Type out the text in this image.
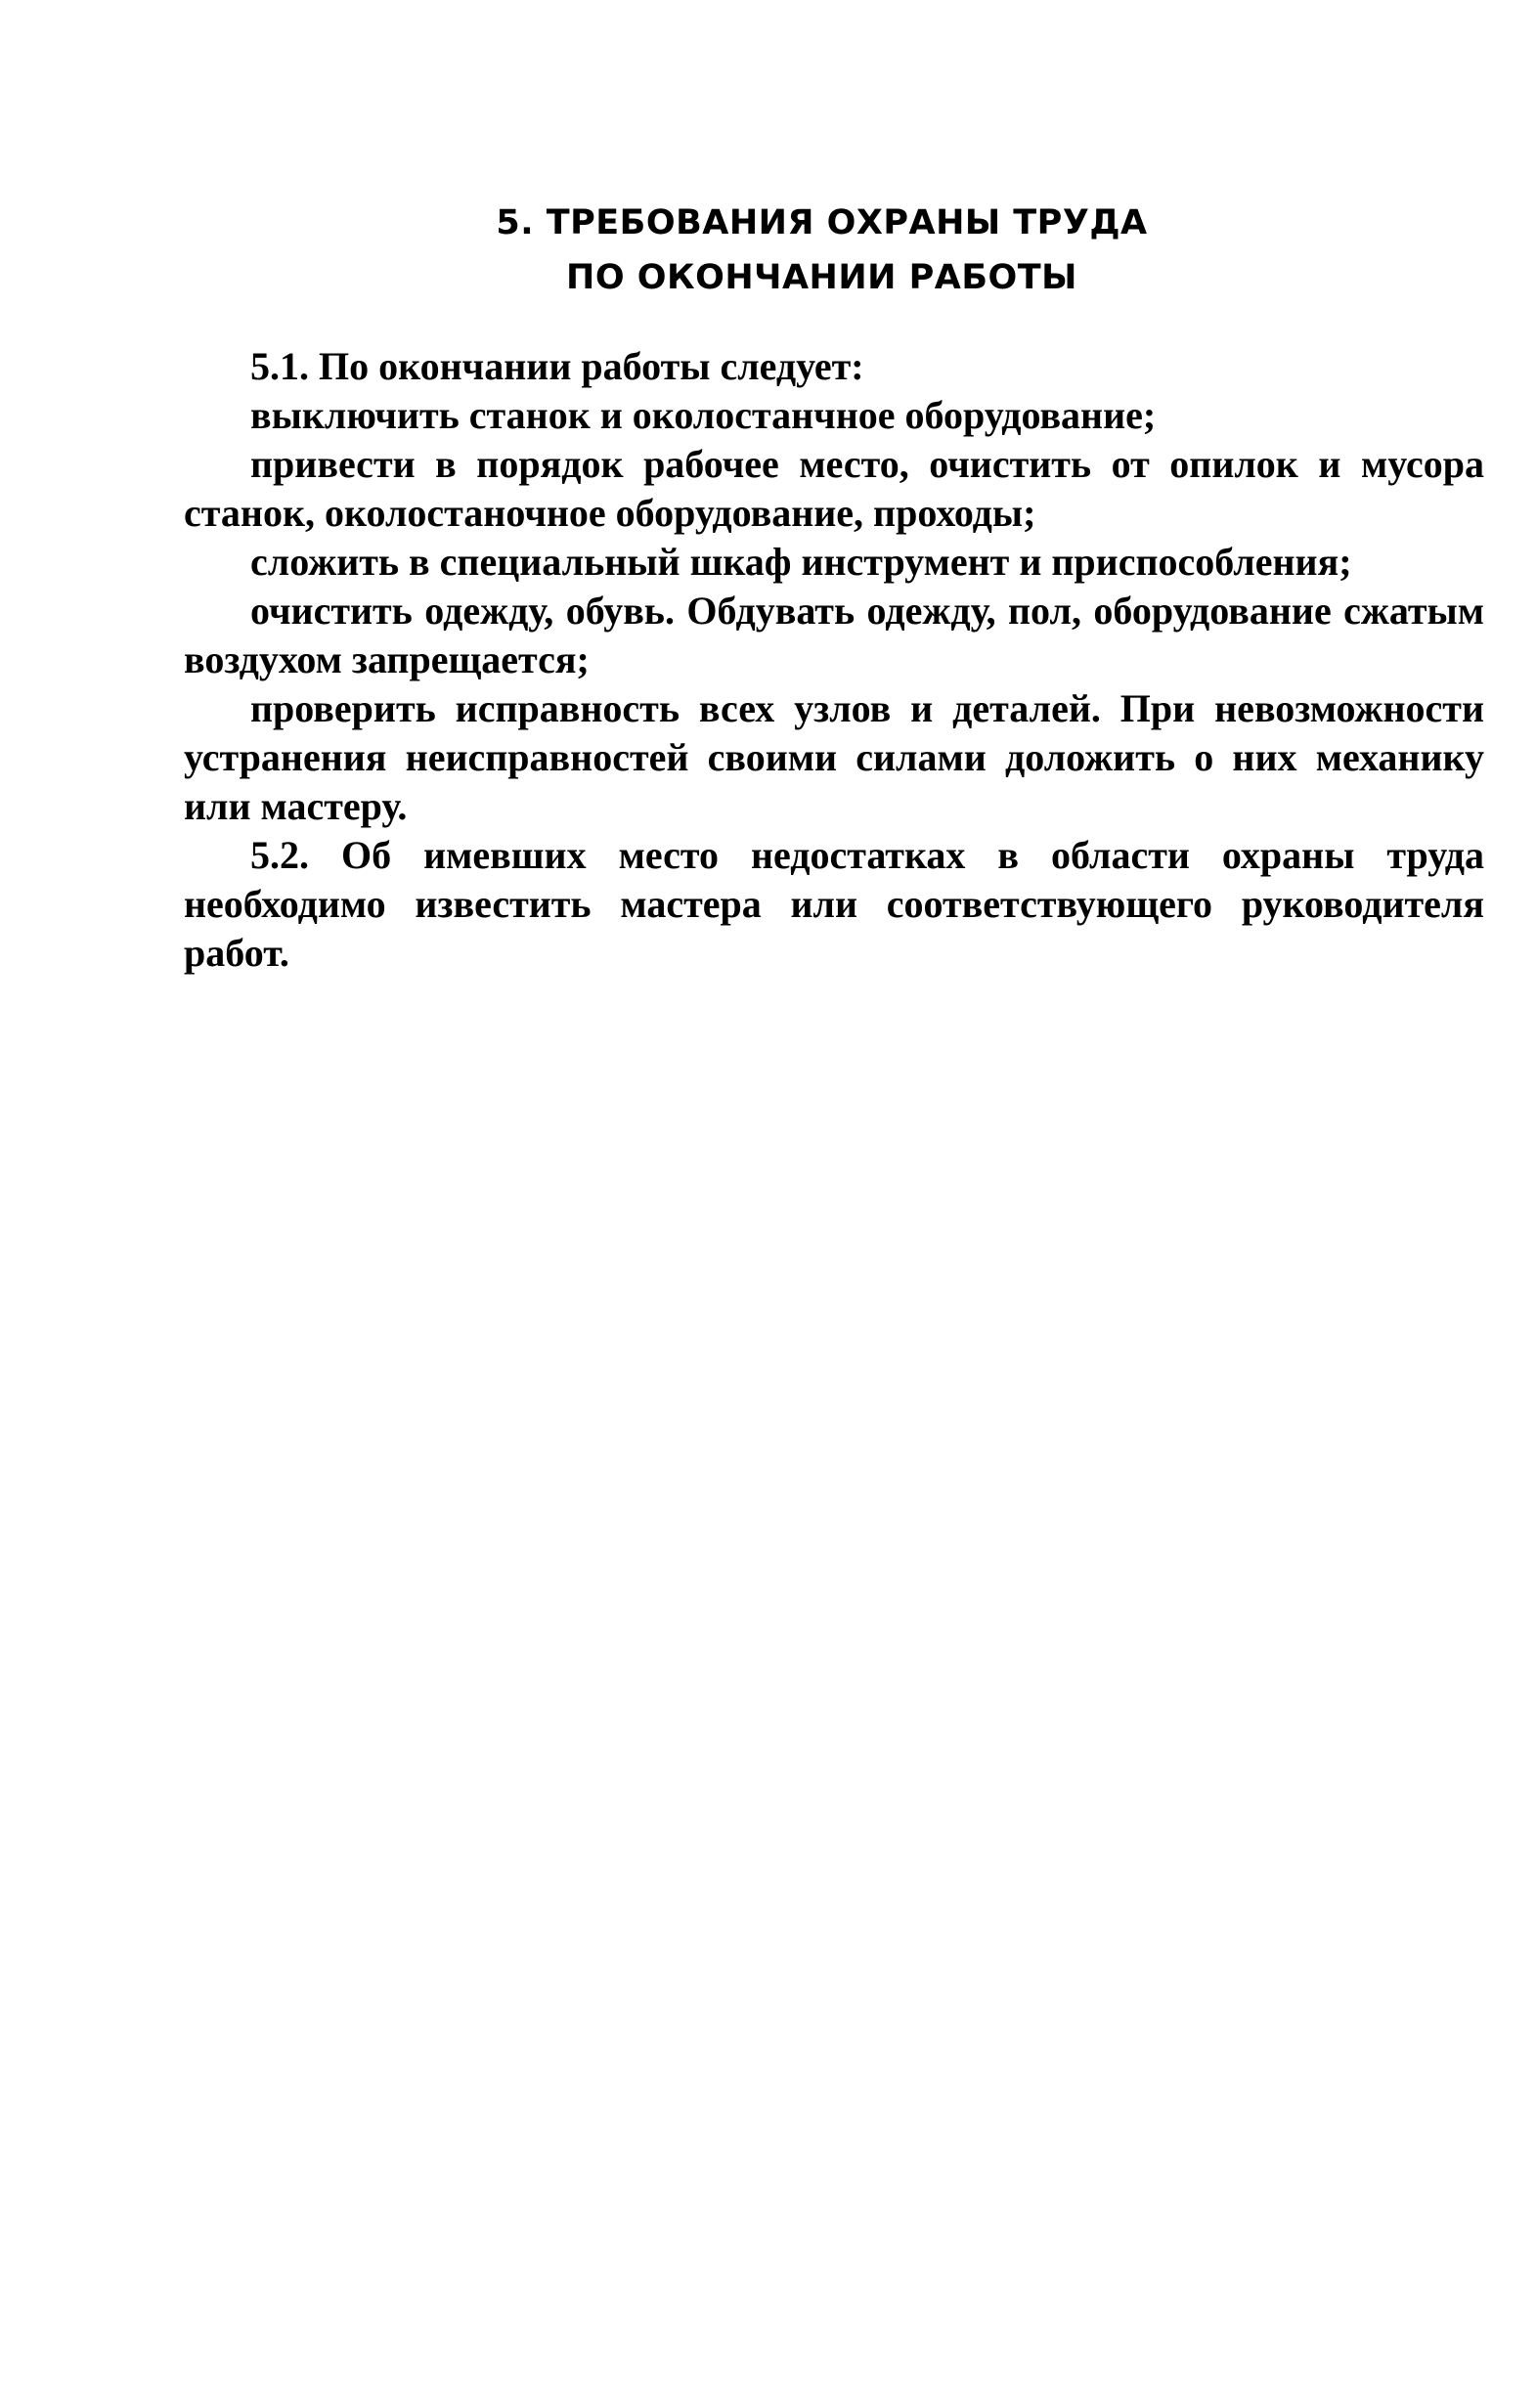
5. ТРЕБОВАНИЯ ОХРАНЫ ТРУДА
ПО ОКОНЧАНИИ РАБОТЫ

5.1. По окончании работы следует:

выключить станок и околостанчное оборудование;

привести в порядок рабочее место, очистить от опилок и мусора станок, околостаночное оборудование, проходы;

сложить в специальный шкаф инструмент и приспособления;

очистить одежду, обувь. Обдувать одежду, пол, оборудование сжатым воздухом запрещается;

проверить исправность всех узлов и деталей. При невозможности устранения неисправностей своими силами доложить о них механику или мастеру.

5.2. Об имевших место недостатках в области охраны труда необходимо известить мастера или соответствующего руководителя работ.
